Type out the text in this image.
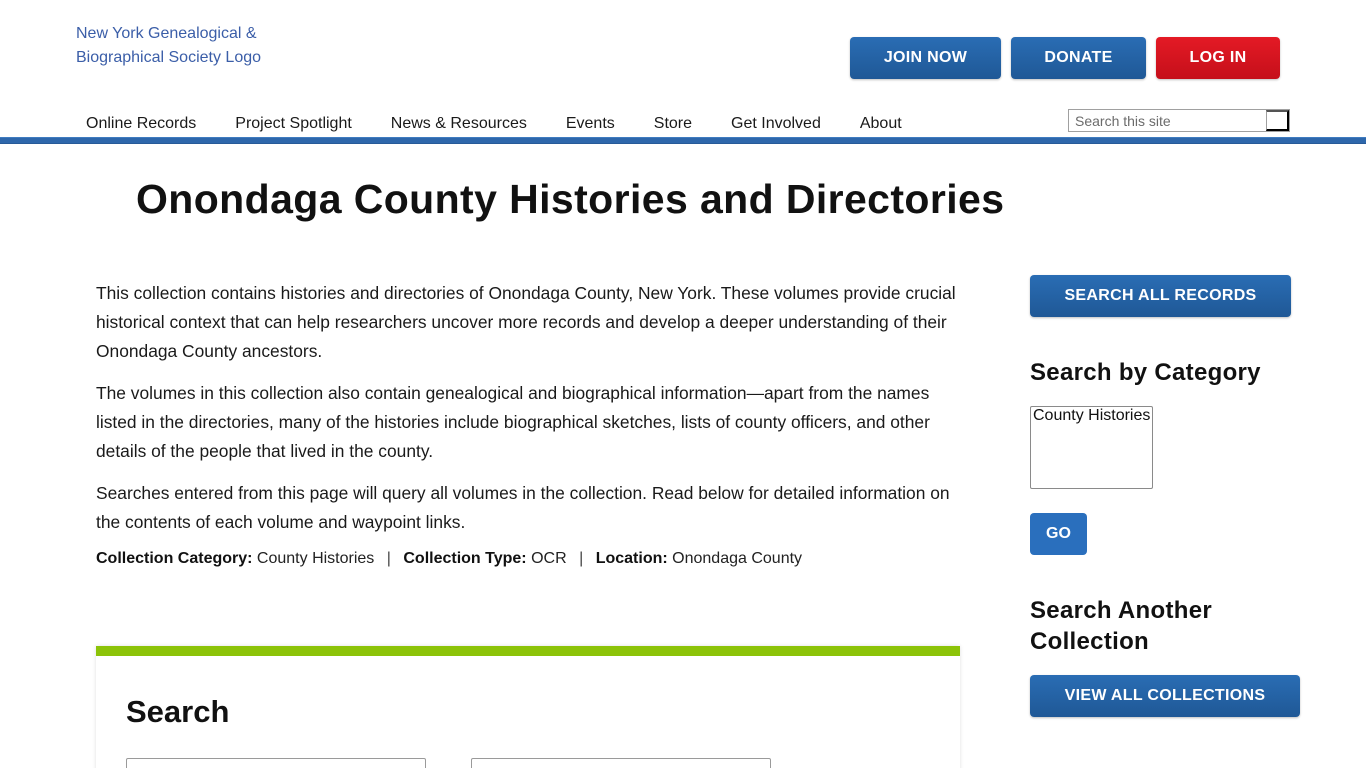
New York Genealogical & Biographical Society Logo	JOIN NOW	DONATE	LOG IN
Online Records	Project Spotlight	News & Resources	Events	Store	Get Involved	About
Search this site
Onondaga County Histories and Directories

This collection contains histories and directories of Onondaga County, New York. These volumes provide crucial historical context that can help researchers uncover more records and develop a deeper understanding of their Onondaga County ancestors.

The volumes in this collection also contain genealogical and biographical information—apart from the names listed in the directories, many of the histories include biographical sketches, lists of county officers, and other details of the people that lived in the county.

Searches entered from this page will query all volumes in the collection. Read below for detailed information on the contents of each volume and waypoint links.

Collection Category: County Histories | Collection Type: OCR | Location: Onondaga County
Search
SEARCH ALL RECORDS
Search by Category
County Histories
GO
Search Another Collection
VIEW ALL COLLECTIONS
